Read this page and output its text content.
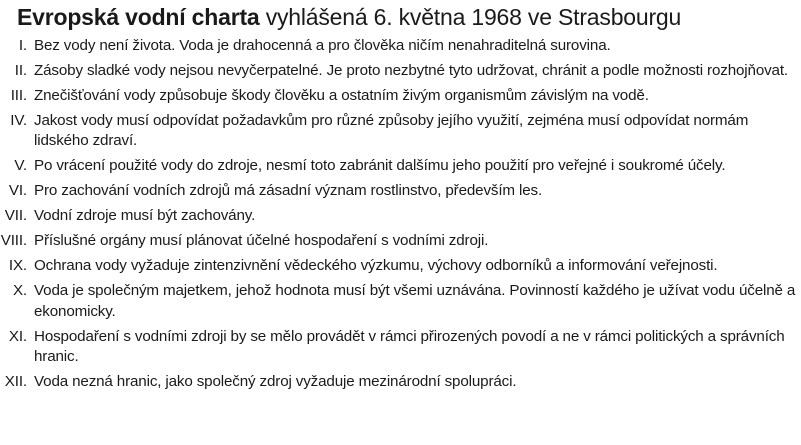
Evropská vodní charta vyhlášená 6. května 1968 ve Strasbourgu
I. Bez vody není života. Voda je drahocenná a pro člověka ničím nenahraditelná surovina.
II. Zásoby sladké vody nejsou nevyčerpatelné. Je proto nezbytné tyto udržovat, chránit a podle možnosti rozhojňovat.
III. Znečišťování vody způsobuje škody člověku a ostatním živým organismům závislým na vodě.
IV. Jakost vody musí odpovídat požadavkům pro různé způsoby jejího využití, zejména musí odpovídat normám lidského zdraví.
V. Po vrácení použité vody do zdroje, nesmí toto zabránit dalšímu jeho použití pro veřejné i soukromé účely.
VI. Pro zachování vodních zdrojů má zásadní význam rostlinstvo, především les.
VII. Vodní zdroje musí být zachovány.
VIII. Příslušné orgány musí plánovat účelné hospodaření s vodními zdroji.
IX. Ochrana vody vyžaduje zintenzivnění vědeckého výzkumu, výchovy odborníků a informování veřejnosti.
X. Voda je společným majetkem, jehož hodnota musí být všemi uznávána. Povinností každého je užívat vodu účelně a ekonomicky.
XI. Hospodaření s vodními zdroji by se mělo provádět v rámci přirozených povodí a ne v rámci politických a správních hranic.
XII. Voda nezná hranic, jako společný zdroj vyžaduje mezinárodní spolupráci.
